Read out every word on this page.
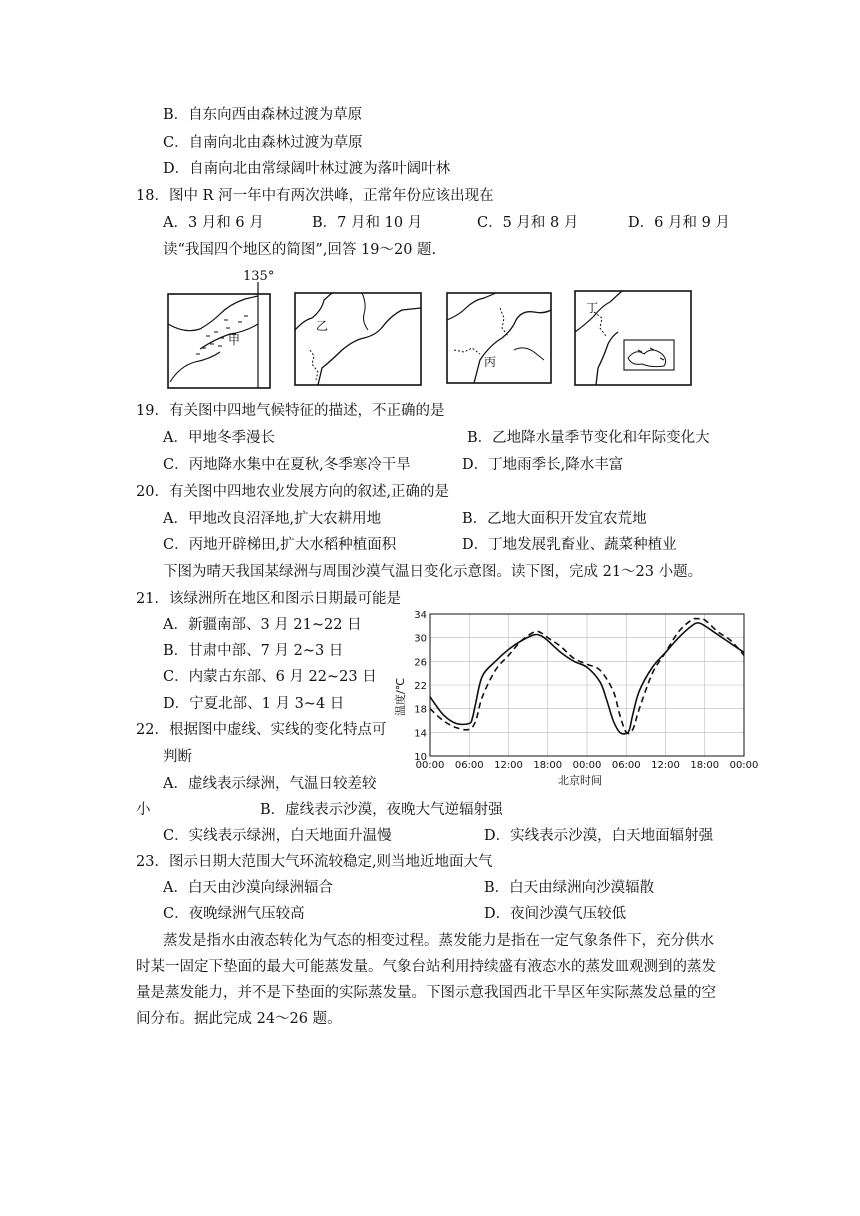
B．自东向西由森林过渡为草原
C．自南向北由森林过渡为草原
D．自南向北由常绿阔叶林过渡为落叶阔叶林
18．图中 R 河一年中有两次洪峰，正常年份应该出现在
A．3 月和 6 月	B．7 月和 10 月	C．5 月和 8 月	D．6 月和 9 月
读“我国四个地区的简图”,回答 19～20 题.
135°
甲
乙
丙
丁
19．有关图中四地气候特征的描述，不正确的是
A．甲地冬季漫长	B．乙地降水量季节变化和年际变化大
C．丙地降水集中在夏秋,冬季寒冷干旱	D．丁地雨季长,降水丰富
20．有关图中四地农业发展方向的叙述,正确的是
A．甲地改良沼泽地,扩大农耕用地	B．乙地大面积开发宜农荒地
C．丙地开辟梯田,扩大水稻种植面积	D．丁地发展乳畜业、蔬菜种植业
下图为晴天我国某绿洲与周围沙漠气温日变化示意图。读下图，完成 21～23 小题。
21．该绿洲所在地区和图示日期最可能是
A．新疆南部、3 月 21~22 日
B．甘肃中部、7 月 2~3 日
C．内蒙古东部、6 月 22~23 日
D．宁夏北部、1 月 3~4 日
22．根据图中虚线、实线的变化特点可
判断
A．虚线表示绿洲，气温日较差较
小	B．虚线表示沙漠，夜晚大气逆辐射强
C．实线表示绿洲，白天地面升温慢	D．实线表示沙漠，白天地面辐射强
23．图示日期大范围大气环流较稳定,则当地近地面大气
A．白天由沙漠向绿洲辐合	B．白天由绿洲向沙漠辐散
C．夜晚绿洲气压较高	D．夜间沙漠气压较低
蒸发是指水由液态转化为气态的相变过程。蒸发能力是指在一定气象条件下，充分供水
时某一固定下垫面的最大可能蒸发量。气象台站利用持续盛有液态水的蒸发皿观测到的蒸发
量是蒸发能力，并不是下垫面的实际蒸发量。下图示意我国西北干旱区年实际蒸发总量的空
间分布。据此完成 24～26 题。
10
14
18
22
26
30
34
00:00 06:00 12:00 18:00 00:00 06:00 12:00 18:00 00:00
温度/℃
北京时间
